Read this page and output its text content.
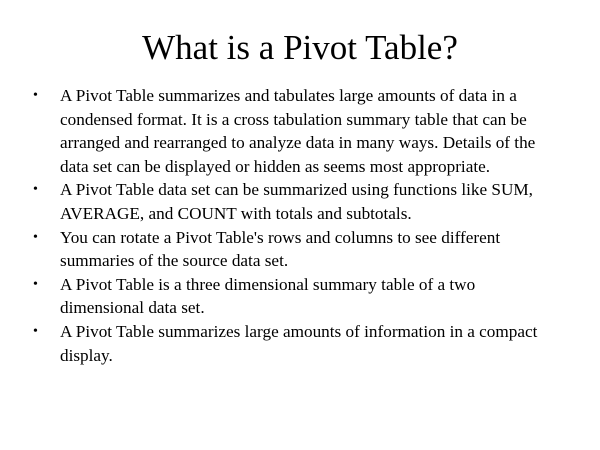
What is a Pivot Table?
• A Pivot Table summarizes and tabulates large amounts of data in a condensed format. It is a cross tabulation summary table that can be arranged and rearranged to analyze data in many ways. Details of the data set can be displayed or hidden as seems most appropriate.
• A Pivot Table data set can be summarized using functions like SUM, AVERAGE, and COUNT with totals and subtotals.
• You can rotate a Pivot Table's rows and columns to see different summaries of the source data set.
• A Pivot Table is a three dimensional summary table of a two dimensional data set.
• A Pivot Table summarizes large amounts of information in a compact display.
